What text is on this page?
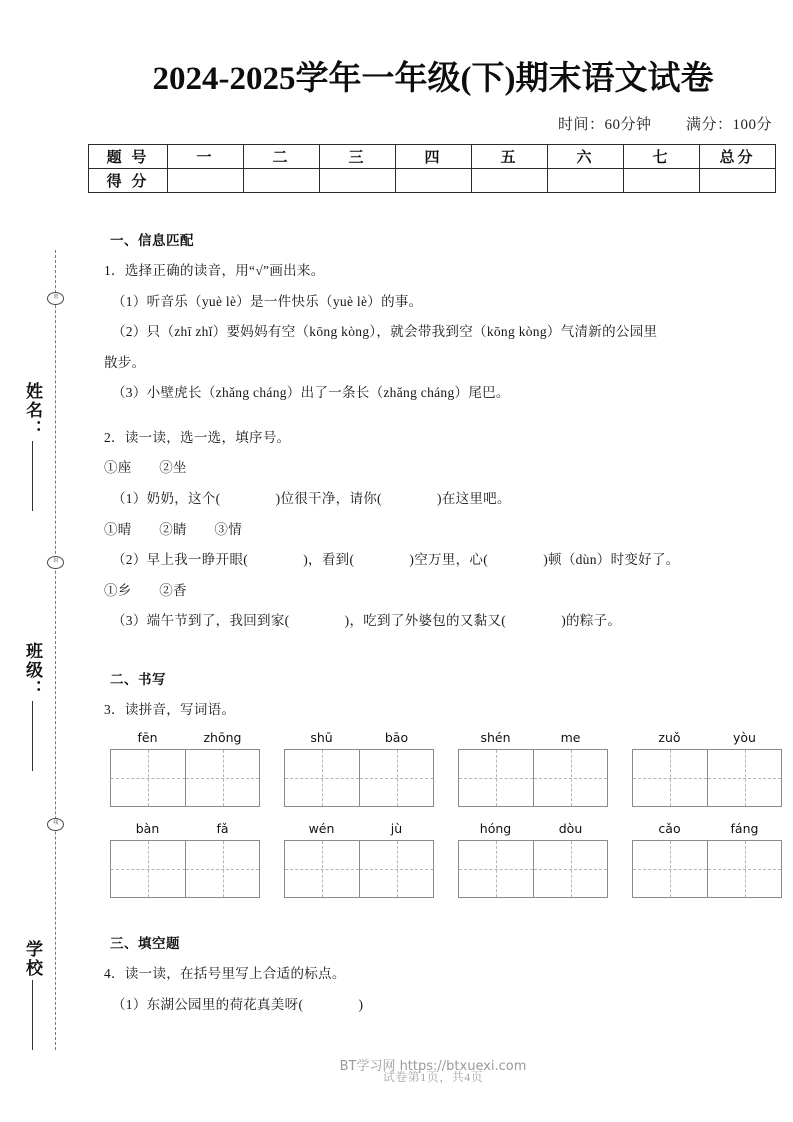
密
封
线
姓名：
班级：
学校
2024-2025学年一年级(下)期末语文试卷
时间：60分钟 满分：100分
题 号	一	二	三	四	五	六	七	总分
得 分								
一、信息匹配
1．选择正确的读音，用“√”画出来。
（1）听音乐（yuè lè）是一件快乐（yuè lè）的事。
（2）只（zhī zhǐ）要妈妈有空（kōng kòng），就会带我到空（kōng kòng）气清新的公园里
散步。
（3）小壁虎长（zhǎng cháng）出了一条长（zhǎng cháng）尾巴。
2．读一读，选一选，填序号。
①座　　②坐
（1）奶奶，这个(　　　　)位很干净，请你(　　　　)在这里吧。
①晴　　②睛　　③情
（2）早上我一睁开眼(　　　　)，看到(　　　　)空万里，心(　　　　)顿（dùn）时变好了。
①乡　　②香
（3）端午节到了，我回到家(　　　　)，吃到了外婆包的又黏又(　　　　)的粽子。
二、书写
3．读拼音，写词语。
fēn	zhōng	shū	bāo	shén	me	zuǒ	yòu
bàn	fǎ	wén	jù	hóng	dòu	cǎo	fáng
三、填空题
4．读一读，在括号里写上合适的标点。
（1）东湖公园里的荷花真美呀(　　　　)
BT学习网 https://btxuexi.com
试卷第1页，共4页
